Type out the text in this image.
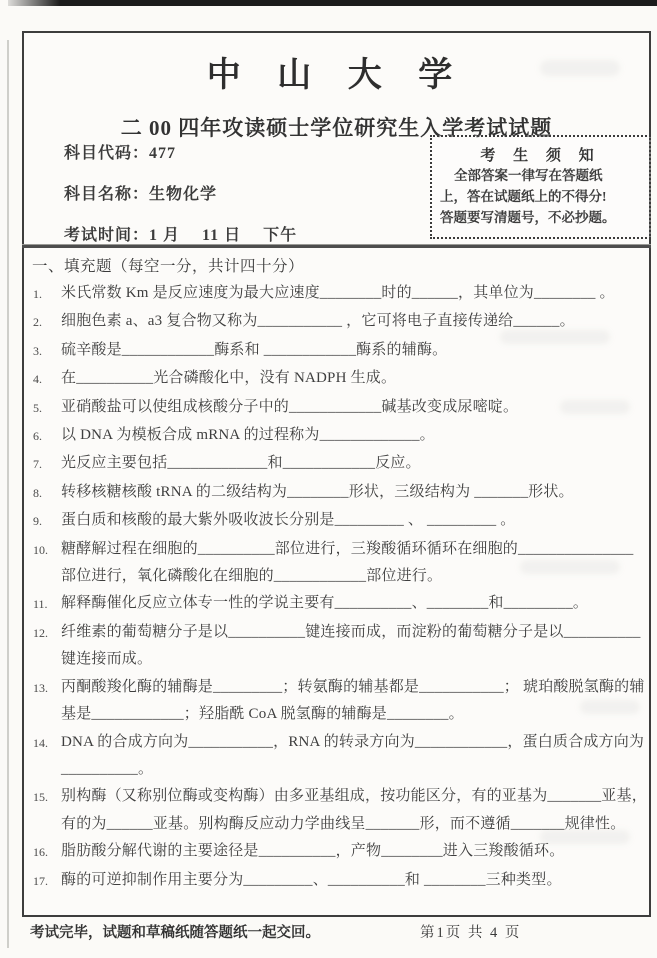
中 山 大 学
二 00 四年攻读硕士学位研究生入学考试试题
科目代码：477
科目名称：生物化学
考试时间：1 月　 11 日　 下午
考 生 须 知
全部答案一律写在答题纸
上，答在试题纸上的不得分!
答题要写清题号，不必抄题。
一、填充题（每空一分，共计四十分）
1.	米氏常数 Km 是反应速度为最大应速度________时的______，其单位为________ 。
2.	细胞色素 a、a3 复合物又称为___________ ，它可将电子直接传递给______。
3.	硫辛酸是____________酶系和 ____________酶系的辅酶。
4.	在__________光合磷酸化中，没有 NADPH 生成。
5.	亚硝酸盐可以使组成核酸分子中的____________碱基改变成尿嘧啶。
6.	以 DNA 为模板合成 mRNA 的过程称为_____________。
7.	光反应主要包括_____________和____________反应。
8.	转移核糖核酸 tRNA 的二级结构为________形状，三级结构为 _______形状。
9.	蛋白质和核酸的最大紫外吸收波长分别是_________ 、 _________ 。
10. 糖酵解过程在细胞的__________部位进行，三羧酸循环循环在细胞的_______________部位进行，氧化磷酸化在细胞的____________部位进行。
11. 解释酶催化反应立体专一性的学说主要有__________、________和_________。
12. 纤维素的葡萄糖分子是以__________键连接而成，而淀粉的葡萄糖分子是以__________键连接而成。
13. 丙酮酸羧化酶的辅酶是_________；转氨酶的辅基都是___________； 琥珀酸脱氢酶的辅基是____________；羟脂酰 CoA 脱氢酶的辅酶是________。
14. DNA 的合成方向为___________，RNA 的转录方向为____________，蛋白质合成方向为__________。
15. 别构酶（又称别位酶或变构酶）由多亚基组成，按功能区分，有的亚基为_______亚基，有的为______亚基。别构酶反应动力学曲线呈_______形，而不遵循_______规律性。
16. 脂肪酸分解代谢的主要途径是__________，产物________进入三羧酸循环。
17. 酶的可逆抑制作用主要分为_________、__________和 ________三种类型。
考试完毕，试题和草稿纸随答题纸一起交回。	第1页 共 4 页
